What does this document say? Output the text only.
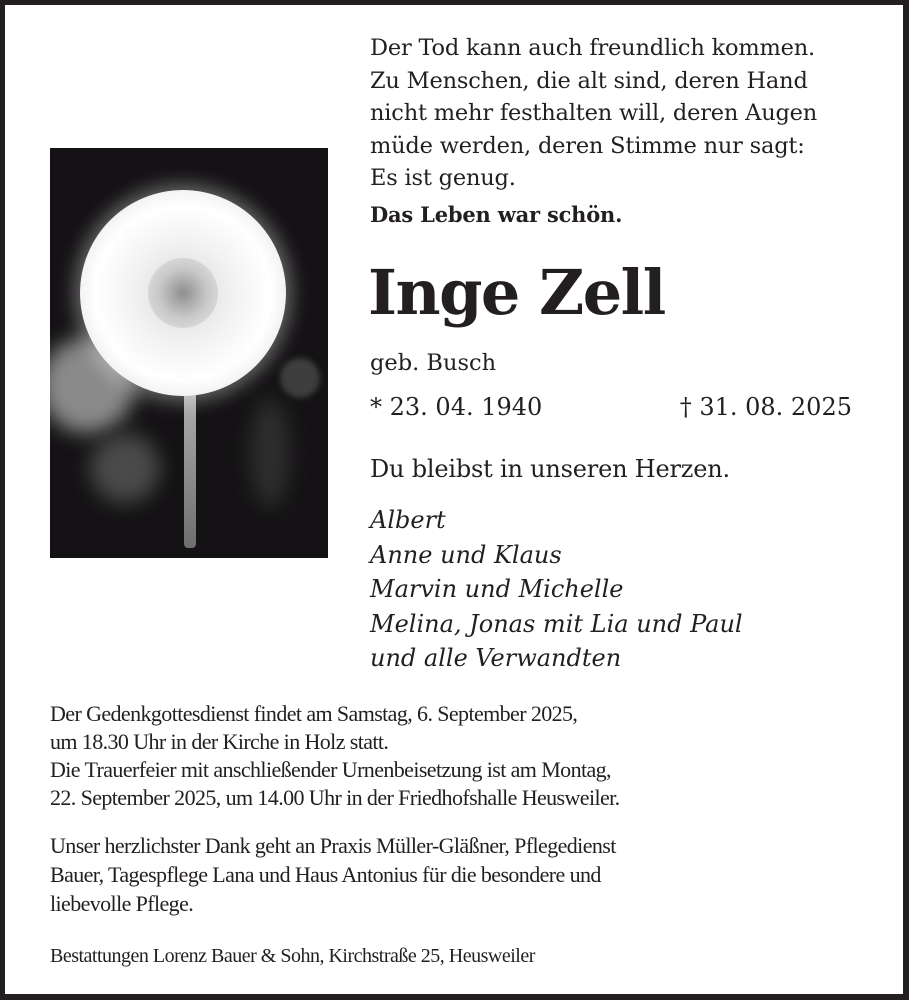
Der Tod kann auch freundlich kommen.
Zu Menschen, die alt sind, deren Hand
nicht mehr festhalten will, deren Augen
müde werden, deren Stimme nur sagt:
Es ist genug.
Das Leben war schön.
Inge Zell
geb. Busch
* 23. 04. 1940	† 31. 08. 2025
Du bleibst in unseren Herzen.
Albert
Anne und Klaus
Marvin und Michelle
Melina, Jonas mit Lia und Paul
und alle Verwandten
Der Gedenkgottesdienst findet am Samstag, 6. September 2025,
um 18.30 Uhr in der Kirche in Holz statt.
Die Trauerfeier mit anschließender Urnenbeisetzung ist am Montag,
22. September 2025, um 14.00 Uhr in der Friedhofshalle Heusweiler.
Unser herzlichster Dank geht an Praxis Müller-Gläßner, Pflegedienst
Bauer, Tagespflege Lana und Haus Antonius für die besondere und
liebevolle Pflege.
Bestattungen Lorenz Bauer & Sohn, Kirchstraße 25, Heusweiler
